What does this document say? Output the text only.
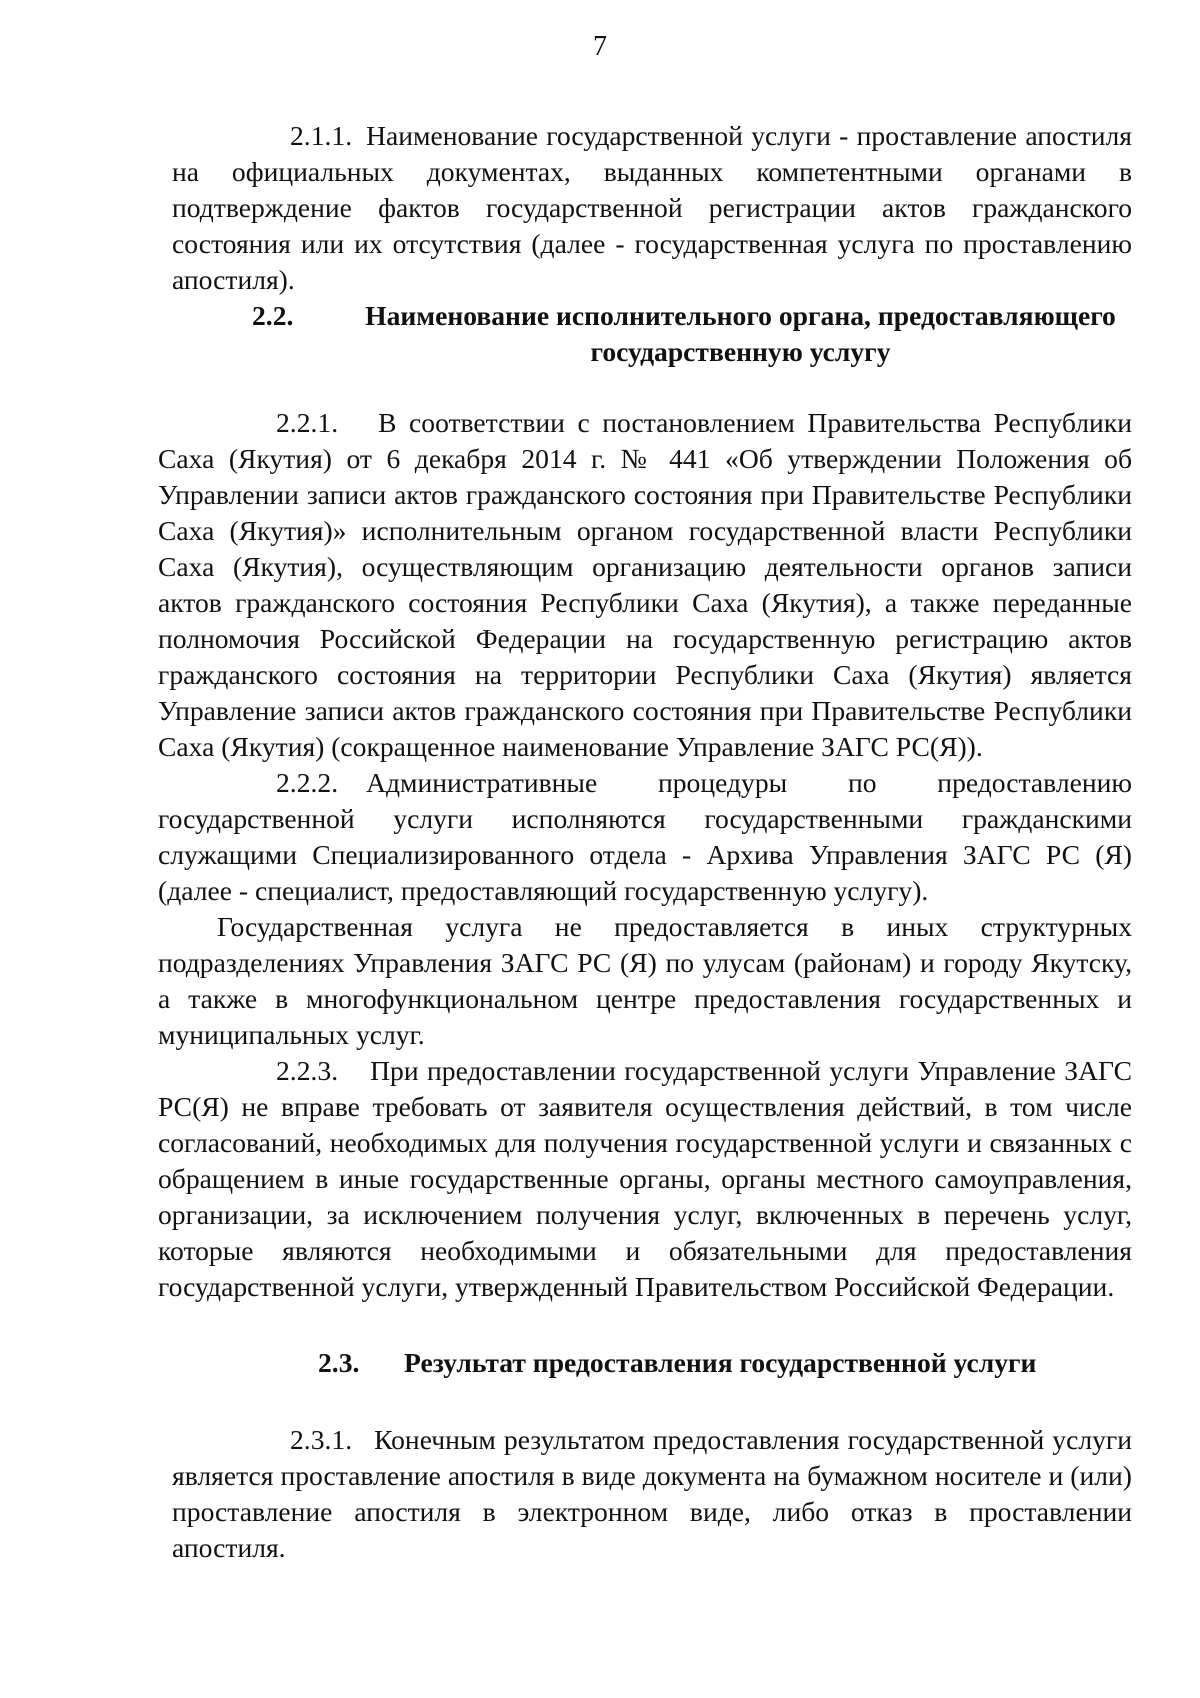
7

2.1.1. Наименование государственной услуги - проставление апостиля на официальных документах, выданных компетентными органами в подтверждение фактов государственной регистрации актов гражданского состояния или их отсутствия (далее - государственная услуга по проставлению апостиля).

2.2.	Наименование исполнительного органа, предоставляющего государственную услугу

2.2.1. В соответствии с постановлением Правительства Республики Саха (Якутия) от 6 декабря 2014 г. № 441 «Об утверждении Положения об Управлении записи актов гражданского состояния при Правительстве Республики Саха (Якутия)» исполнительным органом государственной власти Республики Саха (Якутия), осуществляющим организацию деятельности органов записи актов гражданского состояния Республики Саха (Якутия), а также переданные полномочия Российской Федерации на государственную регистрацию актов гражданского состояния на территории Республики Саха (Якутия) является Управление записи актов гражданского состояния при Правительстве Республики Саха (Якутия) (сокращенное наименование Управление ЗАГС РС(Я)).

2.2.2. Административные процедуры по предоставлению государственной услуги исполняются государственными гражданскими служащими Специализированного отдела - Архива Управления ЗАГС РС (Я) (далее - специалист, предоставляющий государственную услугу).

Государственная услуга не предоставляется в иных структурных подразделениях Управления ЗАГС РС (Я) по улусам (районам) и городу Якутску, а также в многофункциональном центре предоставления государственных и муниципальных услуг.

2.2.3. При предоставлении государственной услуги Управление ЗАГС РС(Я) не вправе требовать от заявителя осуществления действий, в том числе согласований, необходимых для получения государственной услуги и связанных с обращением в иные государственные органы, органы местного самоуправления, организации, за исключением получения услуг, включенных в перечень услуг, которые являются необходимыми и обязательными для предоставления государственной услуги, утвержденный Правительством Российской Федерации.

2.3. Результат предоставления государственной услуги

2.3.1. Конечным результатом предоставления государственной услуги является проставление апостиля в виде документа на бумажном носителе и (или) проставление апостиля в электронном виде, либо отказ в проставлении апостиля.
